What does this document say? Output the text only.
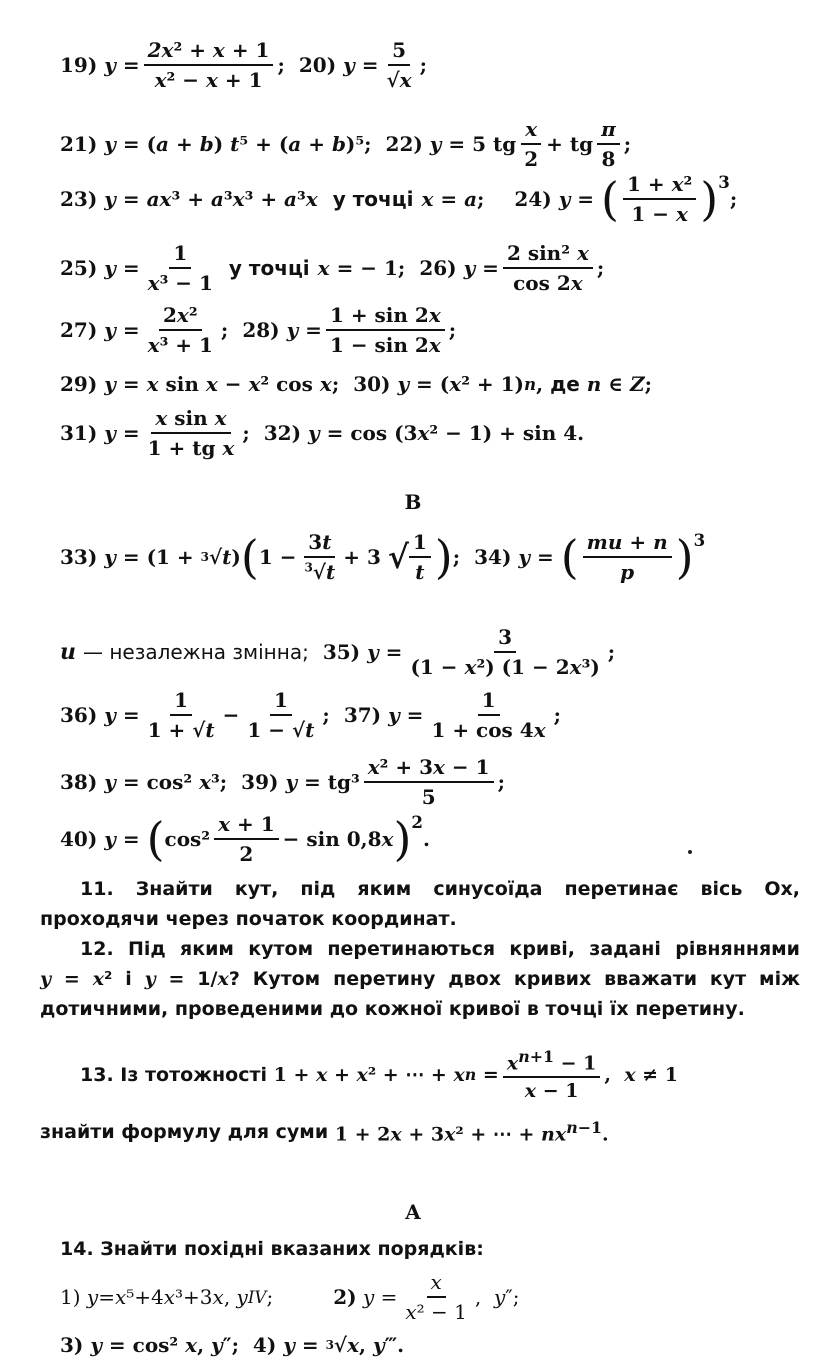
19)
$y = \frac{\text{2x² + x + 1}}{\text{x² − x + 1}}$ ; 20)
$y = \frac{5}{√x}$ ;
21)
y = ( a + b ) t ⁵ + ( a + b )⁵; 22)
y = 5 tg $\frac{x}{2}$ + tg $\frac{\pi}{8}$ ;
23)
y = ax ³ + a ³ x ³ + a ³ x
у точці x = a ; 24)
y = ( $\frac{\text{1 + x²}}{1 - x} )^3$
;
25)
$y = \frac{1}{\text{x³ − 1}}$ у точці x = − 1; 26)
$y = \frac{\text{2 sin² x}}{\cos 2x}$ ;
27)
$y = \frac{\text{2x²}}{\text{x³ + 1}}$ ; 28)
$y = \frac{1 + \sin 2x}{1 - \sin 2x}$ ;
29)
y = x sin x − x ² cos x ; 30)
y = ( x ² + 1) n , де
n ∈ Z ;
31)
$y = \frac{\text{x sin x}}{\text{1 + tg x}}$ ; 32)
y = cos (3 x ² − 1) + sin 4.
В
33)
y = (1 + 3 √ t ) ( $1 - \frac{3t}{^3√t} + 3$ √ $\frac{1}{t}$ ) ; 34)
y = ( $\frac{mu + n}{p} )^3$
u
— незалежна змінна; 35)
$y = \frac{3}{\text{(1 − x²) (1 − 2x³)}}$ ;
36)
$y = \frac{1}{1 + √t} - \frac{1}{1 - √t}$ ; 37)
$y = \frac{1}{1 + \cos 4x}$ ;
38)
y = cos² x ³; 39)
$y = tg^3 \frac{\text{x² + 3x − 1}}{5}$ ;
40)
y = ( $\cos^2 \frac{x + 1}{2} - \sin 0,8$ x )$^2$
.
11. Знайти кут, під яким синусоїда перетинає вісь Ox, проходячи через початок координат.
12. Під яким кутом перетинаються криві, задані рівняннями y = x² і y = 1/x? Кутом перетину двох кривих вважати кут між дотичними, проведеними до кожної кривої в точці їх перетину.
13.
Із тотожності
1 + x + x ² + ⋯ + x $n = \frac{x^{n+1} - 1}{x - 1}$ , x ≠ 1
знайти формулу для суми
1 + 2x + 3x² + ⋯ + $nx^{n-1}$.
А
14.
Знайти похідні вказаних порядків:
1) y = x ⁵+4 x ³+3 x , y IV ;	2)
$y = \frac{x}{\text{x² − 1}}$ , y ″;
3) y = cos² x , y ″;  4) y = 3 √ x , y ‴.
